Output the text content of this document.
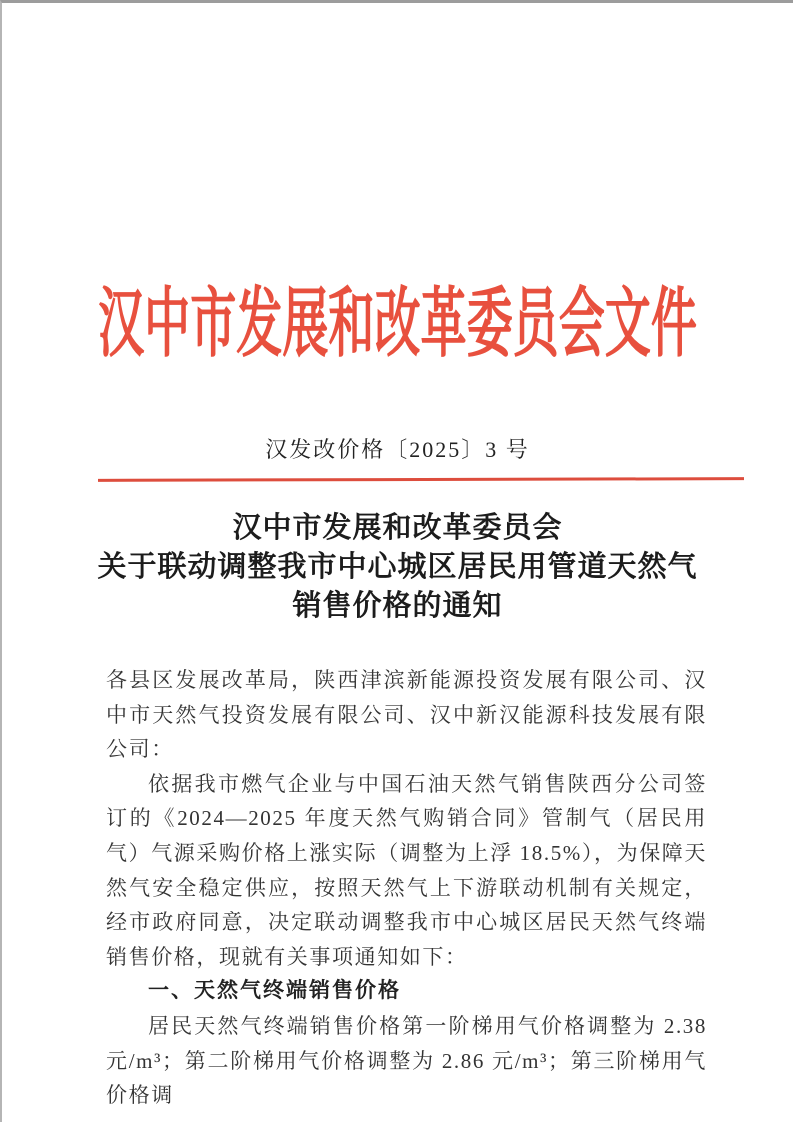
汉中市发展和改革委员会文件
汉发改价格〔2025〕3 号
汉中市发展和改革委员会
关于联动调整我市中心城区居民用管道天然气
销售价格的通知

各县区发展改革局，陕西津滨新能源投资发展有限公司、汉中市天然气投资发展有限公司、汉中新汉能源科技发展有限公司：

依据我市燃气企业与中国石油天然气销售陕西分公司签订的《2024—2025 年度天然气购销合同》管制气（居民用气）气源采购价格上涨实际（调整为上浮 18.5%），为保障天然气安全稳定供应，按照天然气上下游联动机制有关规定，经市政府同意，决定联动调整我市中心城区居民天然气终端销售价格，现就有关事项通知如下：

一、天然气终端销售价格

居民天然气终端销售价格第一阶梯用气价格调整为 2.38 元/m³；第二阶梯用气价格调整为 2.86 元/m³；第三阶梯用气价格调
